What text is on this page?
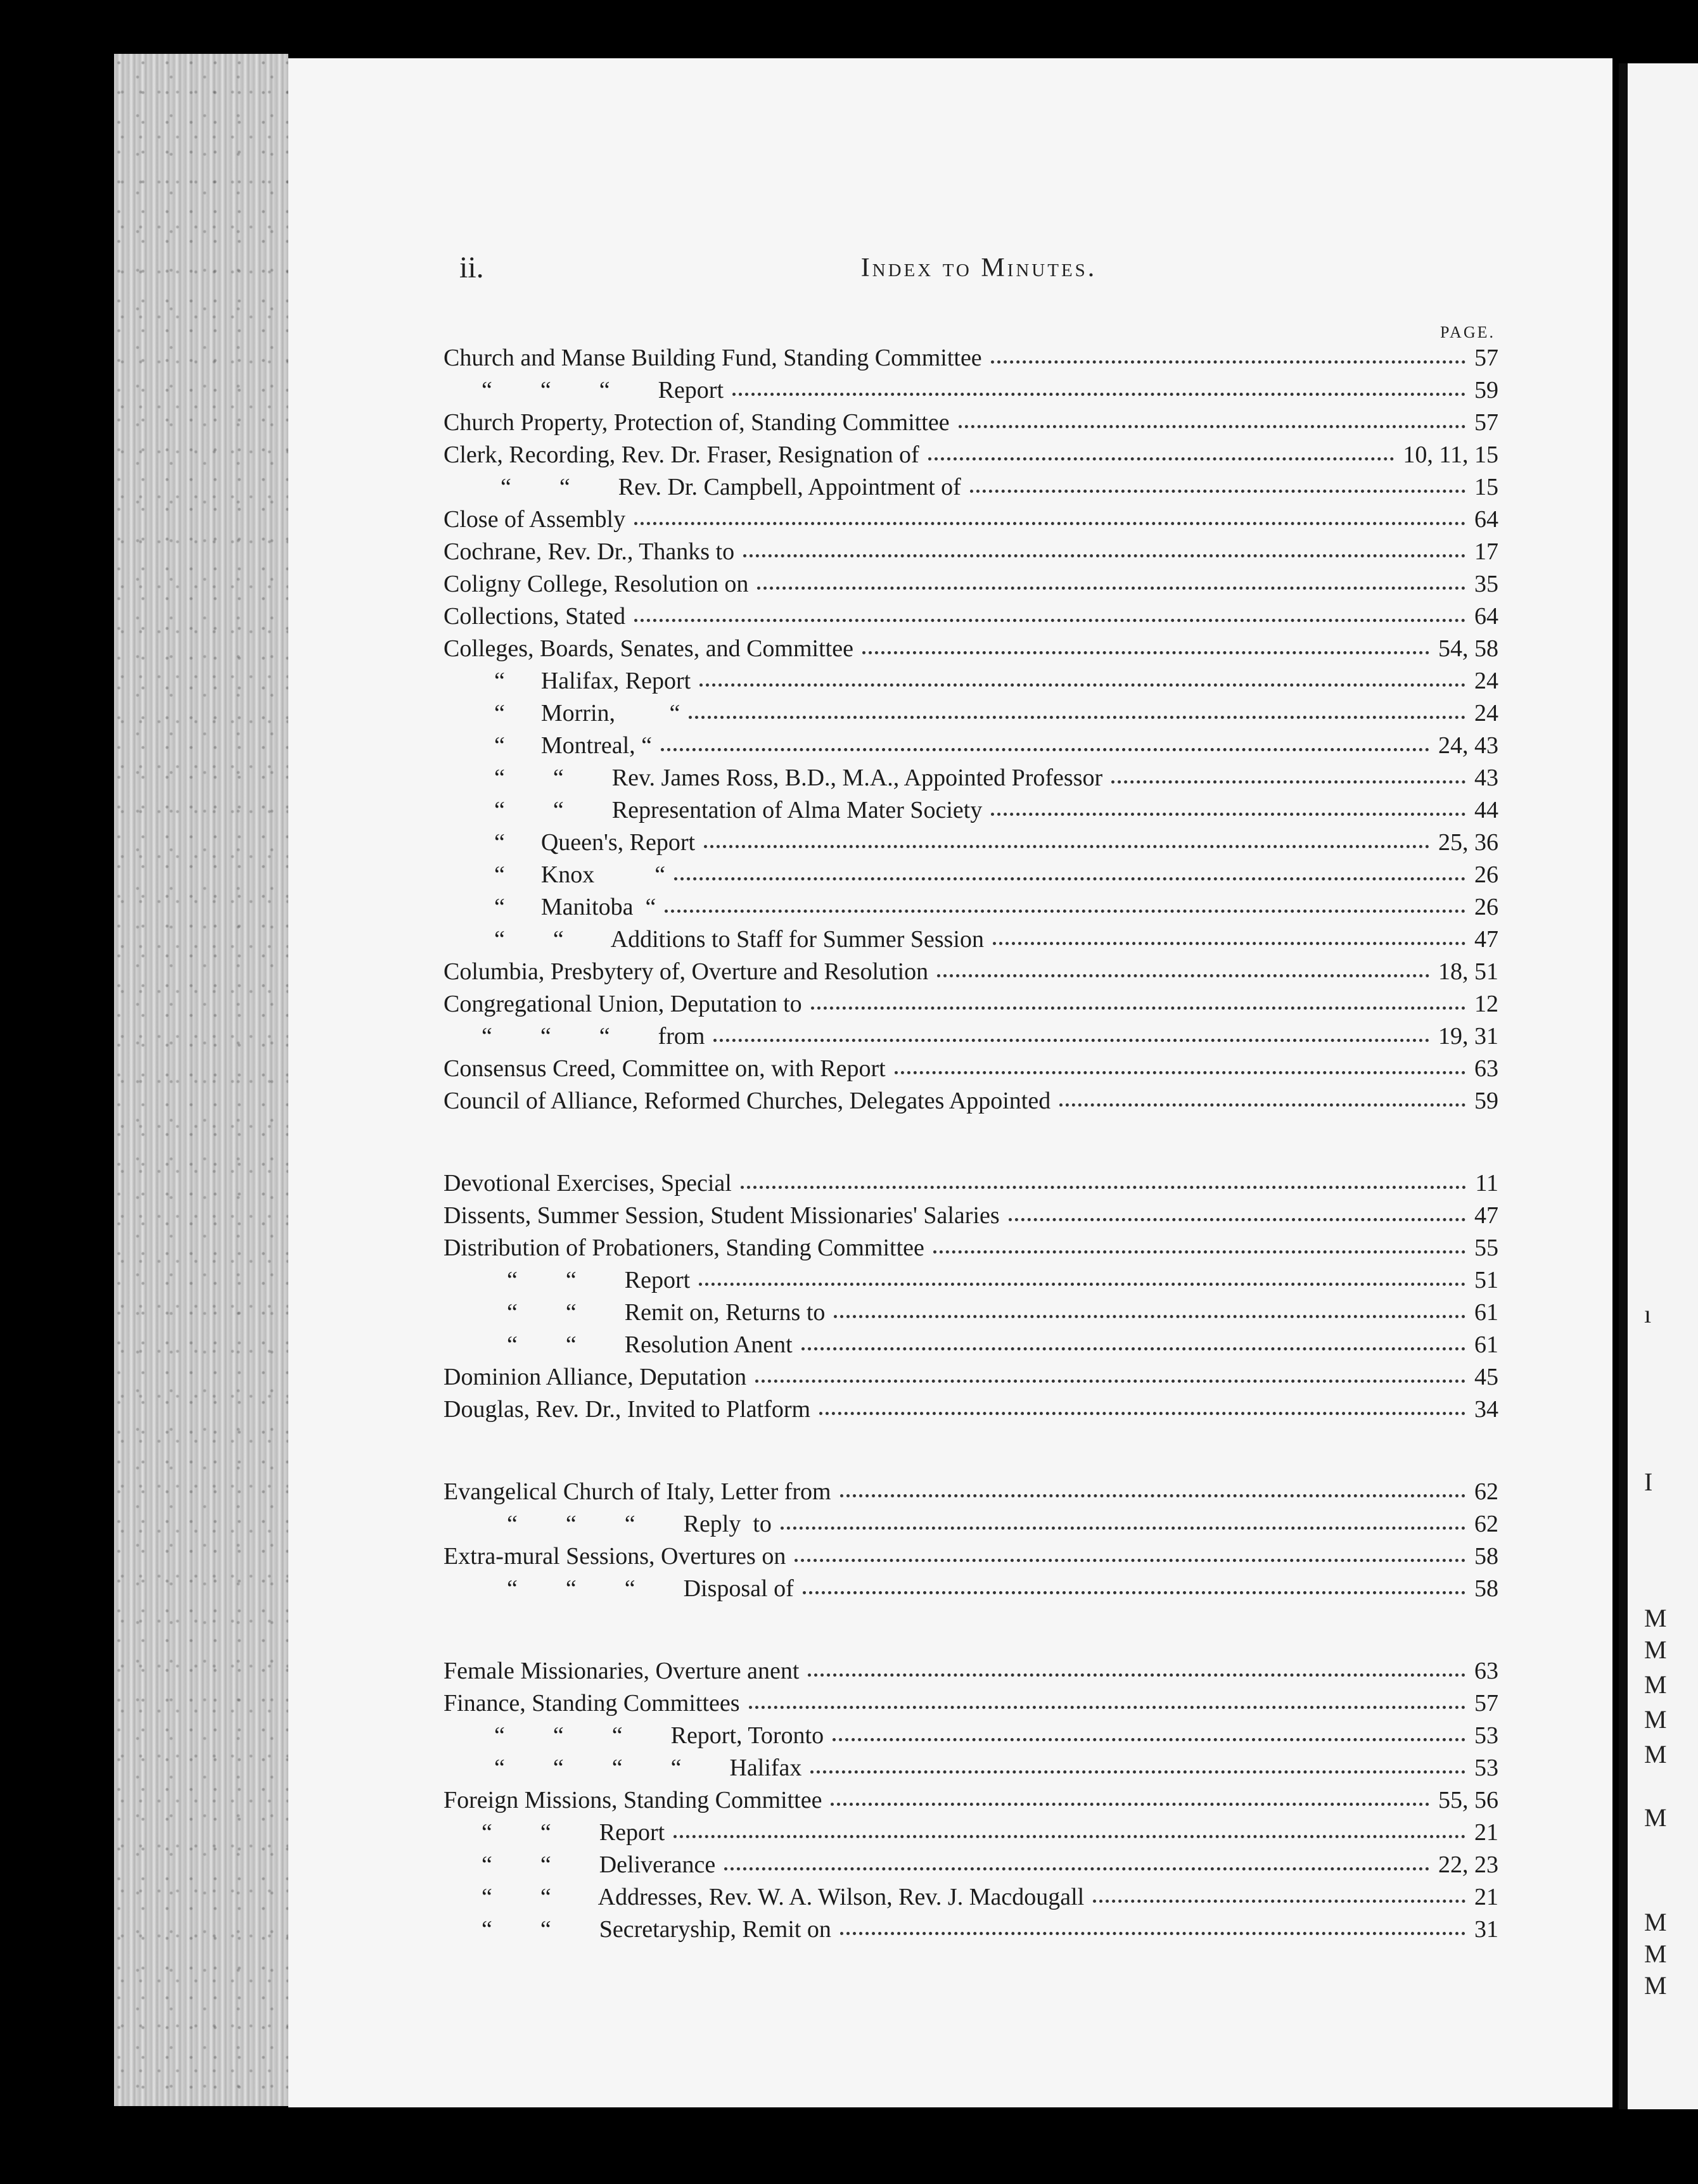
ı
I
M
M
M
M
M
M
M
M
M
ii.	Index to Minutes.
PAGE.
Church and Manse Building Fund, Standing Committee	57
“        “        “        Report	59
Church Property, Protection of, Standing Committee	57
Clerk, Recording, Rev. Dr. Fraser, Resignation of	10, 11, 15
“        “        Rev. Dr. Campbell, Appointment of	15
Close of Assembly	64
Cochrane, Rev. Dr., Thanks to	17
Coligny College, Resolution on	35
Collections, Stated	64
Colleges, Boards, Senates, and Committee	54, 58
“      Halifax, Report	24
“      Morrin,         “	24
“      Montreal, “	24, 43
“        “        Rev. James Ross, B.D., M.A., Appointed Professor	43
“        “        Representation of Alma Mater Society	44
“      Queen's, Report	25, 36
“      Knox          “	26
“      Manitoba  “	26
“        “        Additions to Staff for Summer Session	47
Columbia, Presbytery of, Overture and Resolution	18, 51
Congregational Union, Deputation to	12
“        “        “        from	19, 31
Consensus Creed, Committee on, with Report	63
Council of Alliance, Reformed Churches, Delegates Appointed	59
Devotional Exercises, Special	11
Dissents, Summer Session, Student Missionaries' Salaries	47
Distribution of Probationers, Standing Committee	55
“        “        Report	51
“        “        Remit on, Returns to	61
“        “        Resolution Anent	61
Dominion Alliance, Deputation	45
Douglas, Rev. Dr., Invited to Platform	34
Evangelical Church of Italy, Letter from	62
“        “        “        Reply  to	62
Extra-mural Sessions, Overtures on	58
“        “        “        Disposal of	58
Female Missionaries, Overture anent	63
Finance, Standing Committees	57
“        “        “        Report, Toronto	53
“        “        “        “        Halifax	53
Foreign Missions, Standing Committee	55, 56
“        “        Report	21
“        “        Deliverance	22, 23
“        “        Addresses, Rev. W. A. Wilson, Rev. J. Macdougall	21
“        “        Secretaryship, Remit on	31
